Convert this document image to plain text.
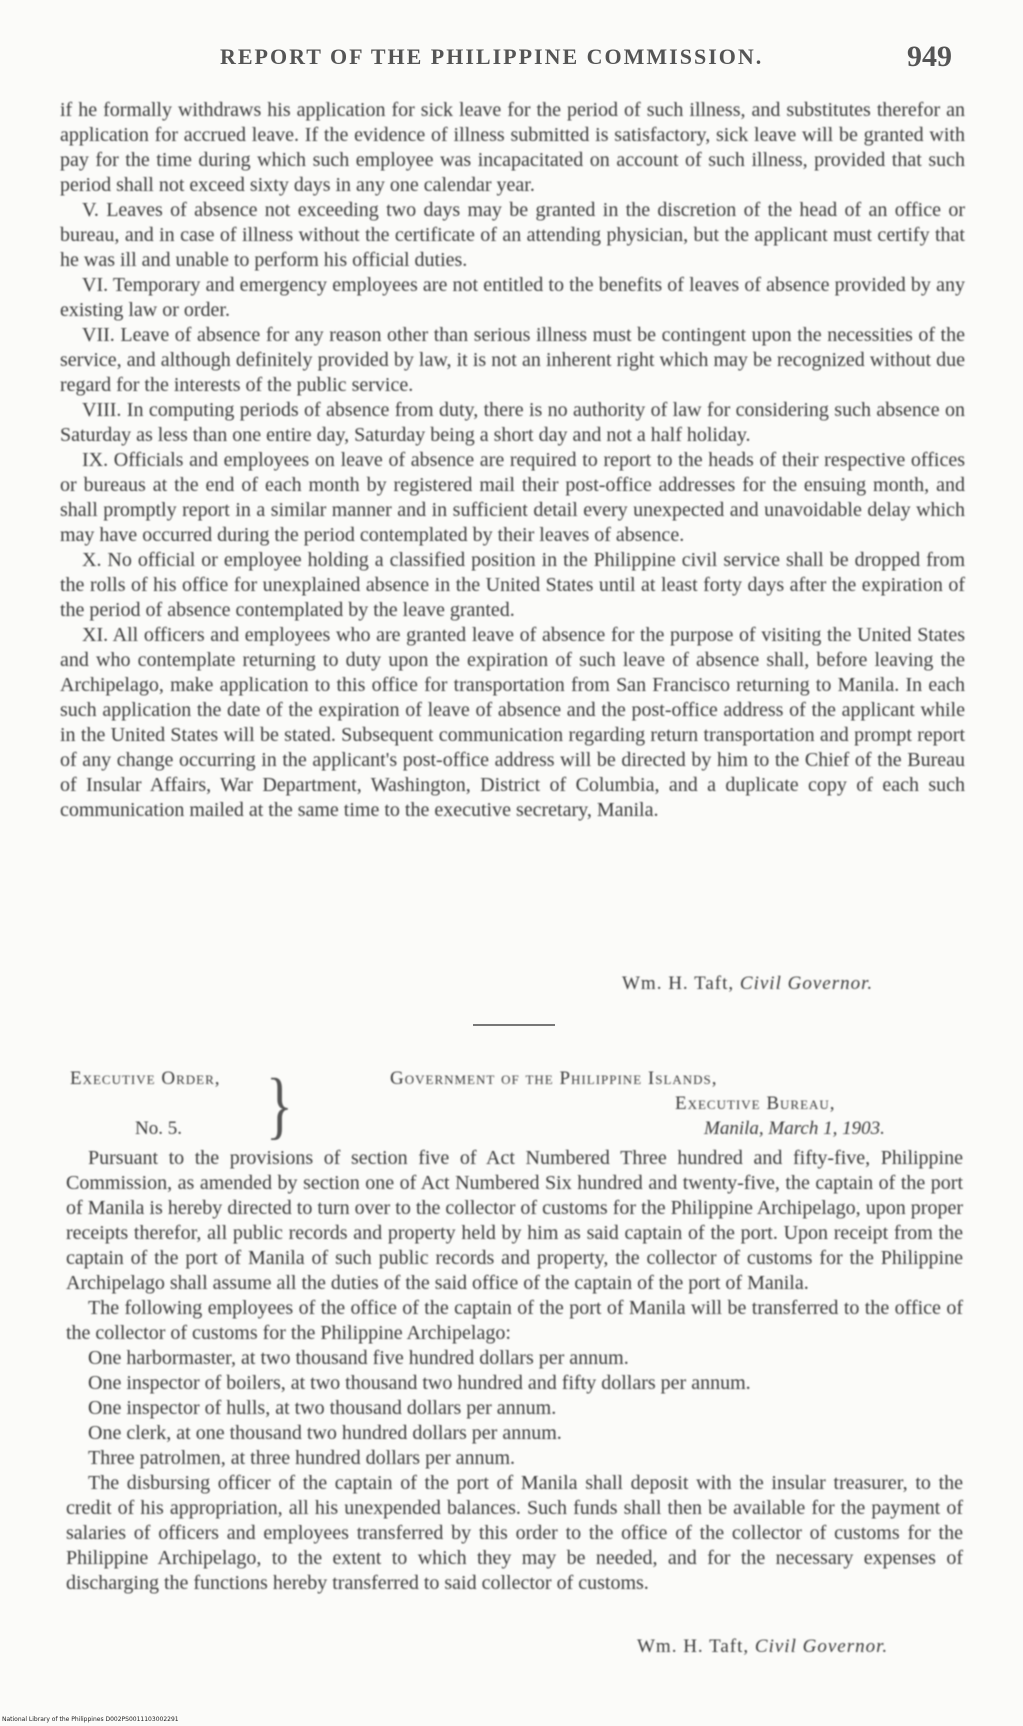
REPORT OF THE PHILIPPINE COMMISSION.	949

if he formally withdraws his application for sick leave for the period of such illness, and substitutes therefor an application for accrued leave. If the evidence of illness submitted is satisfactory, sick leave will be granted with pay for the time during which such employee was incapacitated on account of such illness, provided that such period shall not exceed sixty days in any one calendar year.

V. Leaves of absence not exceeding two days may be granted in the discretion of the head of an office or bureau, and in case of illness without the certificate of an attending physician, but the applicant must certify that he was ill and unable to perform his official duties.

VI. Temporary and emergency employees are not entitled to the benefits of leaves of absence provided by any existing law or order.

VII. Leave of absence for any reason other than serious illness must be contingent upon the necessities of the service, and although definitely provided by law, it is not an inherent right which may be recognized without due regard for the interests of the public service.

VIII. In computing periods of absence from duty, there is no authority of law for considering such absence on Saturday as less than one entire day, Saturday being a short day and not a half holiday.

IX. Officials and employees on leave of absence are required to report to the heads of their respective offices or bureaus at the end of each month by registered mail their post-office addresses for the ensuing month, and shall promptly report in a similar manner and in sufficient detail every unexpected and unavoidable delay which may have occurred during the period contemplated by their leaves of absence.

X. No official or employee holding a classified position in the Philippine civil service shall be dropped from the rolls of his office for unexplained absence in the United States until at least forty days after the expiration of the period of absence contemplated by the leave granted.

XI. All officers and employees who are granted leave of absence for the purpose of visiting the United States and who contemplate returning to duty upon the expiration of such leave of absence shall, before leaving the Archipelago, make application to this office for transportation from San Francisco returning to Manila. In each such application the date of the expiration of leave of absence and the post-office address of the applicant while in the United States will be stated. Subsequent communication regarding return transportation and prompt report of any change occurring in the applicant's post-office address will be directed by him to the Chief of the Bureau of Insular Affairs, War Department, Washington, District of Columbia, and a duplicate copy of each such communication mailed at the same time to the executive secretary, Manila.

Wm. H. Taft, Civil Governor.
Executive Order,
No. 5. }	Government of the Philippine Islands,
Executive Bureau,
Manila, March 1, 1903.

Pursuant to the provisions of section five of Act Numbered Three hundred and fifty-five, Philippine Commission, as amended by section one of Act Numbered Six hundred and twenty-five, the captain of the port of Manila is hereby directed to turn over to the collector of customs for the Philippine Archipelago, upon proper receipts therefor, all public records and property held by him as said captain of the port. Upon receipt from the captain of the port of Manila of such public records and property, the collector of customs for the Philippine Archipelago shall assume all the duties of the said office of the captain of the port of Manila.

The following employees of the office of the captain of the port of Manila will be transferred to the office of the collector of customs for the Philippine Archipelago:

One harbormaster, at two thousand five hundred dollars per annum.

One inspector of boilers, at two thousand two hundred and fifty dollars per annum.

One inspector of hulls, at two thousand dollars per annum.

One clerk, at one thousand two hundred dollars per annum.

Three patrolmen, at three hundred dollars per annum.

The disbursing officer of the captain of the port of Manila shall deposit with the insular treasurer, to the credit of his appropriation, all his unexpended balances. Such funds shall then be available for the payment of salaries of officers and employees transferred by this order to the office of the collector of customs for the Philippine Archipelago, to the extent to which they may be needed, and for the necessary expenses of discharging the functions hereby transferred to said collector of customs.

Wm. H. Taft, Civil Governor.
National Library of the Philippines D002PS0011103002291
